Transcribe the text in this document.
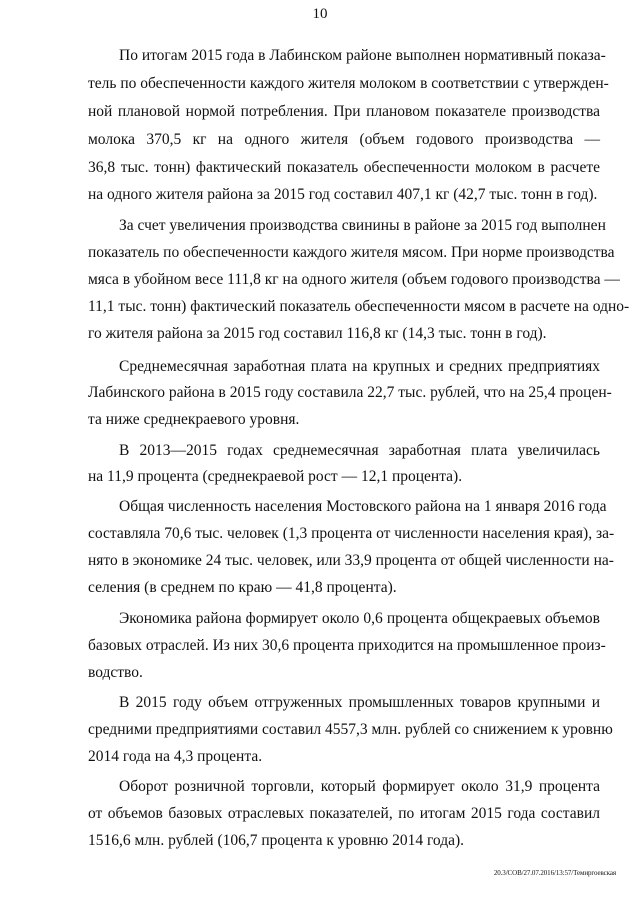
10
По итогам 2015 года в Лабинском районе выполнен нормативный показа-
тель по обеспеченности каждого жителя молоком в соответствии с утвержден-
ной плановой нормой потребления. При плановом показателе производства
молока 370,5 кг на одного жителя (объем годового производства —
36,8 тыс. тонн) фактический показатель обеспеченности молоком в расчете
на одного жителя района за 2015 год составил 407,1 кг (42,7 тыс. тонн в год).
За счет увеличения производства свинины в районе за 2015 год выполнен
показатель по обеспеченности каждого жителя мясом. При норме производства
мяса в убойном весе 111,8 кг на одного жителя (объем годового производства —
11,1 тыс. тонн) фактический показатель обеспеченности мясом в расчете на одно-
го жителя района за 2015 год составил 116,8 кг (14,3 тыс. тонн в год).
Среднемесячная заработная плата на крупных и средних предприятиях
Лабинского района в 2015 году составила 22,7 тыс. рублей, что на 25,4 процен-
та ниже среднекраевого уровня.
В 2013—2015 годах среднемесячная заработная плата увеличилась
на 11,9 процента (среднекраевой рост — 12,1 процента).
Общая численность населения Мостовского района на 1 января 2016 года
составляла 70,6 тыс. человек (1,3 процента от численности населения края), за-
нято в экономике 24 тыс. человек, или 33,9 процента от общей численности на-
селения (в среднем по краю — 41,8 процента).
Экономика района формирует около 0,6 процента общекраевых объемов
базовых отраслей. Из них 30,6 процента приходится на промышленное произ-
водство.
В 2015 году объем отгруженных промышленных товаров крупными и
средними предприятиями составил 4557,3 млн. рублей со снижением к уровню
2014 года на 4,3 процента.
Оборот розничной торговли, который формирует около 31,9 процента
от объемов базовых отраслевых показателей, по итогам 2015 года составил
1516,6 млн. рублей (106,7 процента к уровню 2014 года).
20.3/СОВ/27.07.2016/13:57/Темиргоевская
